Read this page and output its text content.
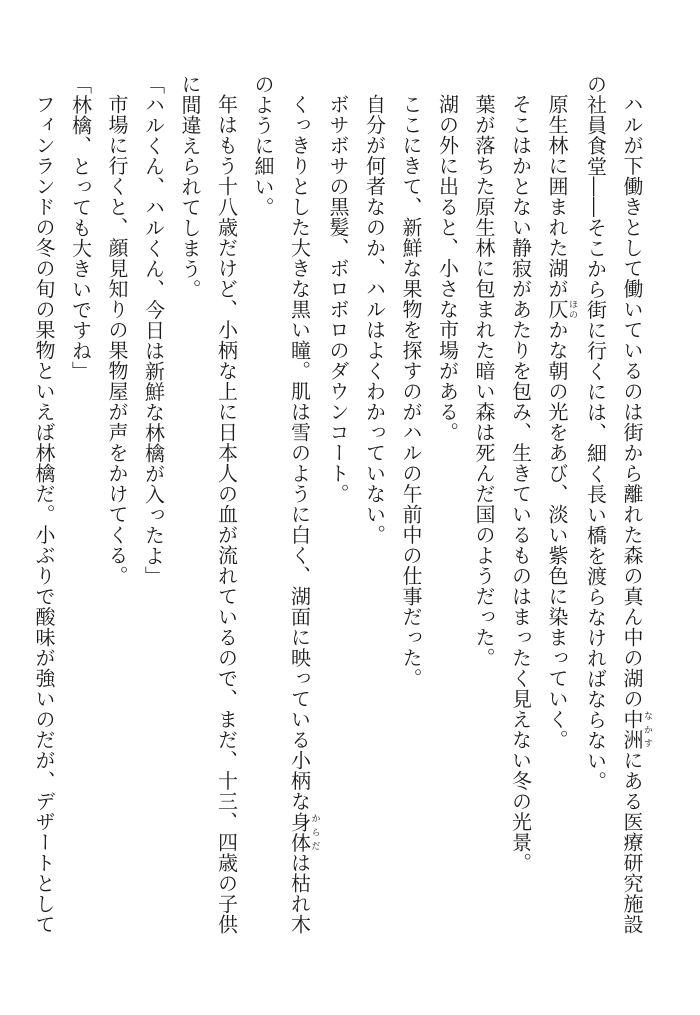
ハルが下働きとして働いているのは街から離れた森の真ん中の湖の中洲なかすにある医療研究施設

の社員食堂――そこから街に行くには、細く長い橋を渡らなければならない。

原生林に囲まれた湖が仄ほのかな朝の光をあび、淡い紫色に染まっていく。

そこはかとない静寂があたりを包み、生きているものはまったく見えない冬の光景。

葉が落ちた原生林に包まれた暗い森は死んだ国のようだった。

湖の外に出ると、小さな市場がある。

ここにきて、新鮮な果物を探すのがハルの午前中の仕事だった。

自分が何者なのか、ハルはよくわかっていない。

ボサボサの黒髪、ボロボロのダウンコート。

くっきりとした大きな黒い瞳。肌は雪のように白く、湖面に映っている小柄な身体からだは枯れ木

のように細い。

年はもう十八歳だけど、小柄な上に日本人の血が流れているので、まだ、十三、四歳の子供

に間違えられてしまう。

「ハルくん、ハルくん、今日は新鮮な林檎が入ったよ」

市場に行くと、顔見知りの果物屋が声をかけてくる。

「林檎、とっても大きいですね」

フィンランドの冬の旬の果物といえば林檎だ。小ぶりで酸味が強いのだが、デザートとして
